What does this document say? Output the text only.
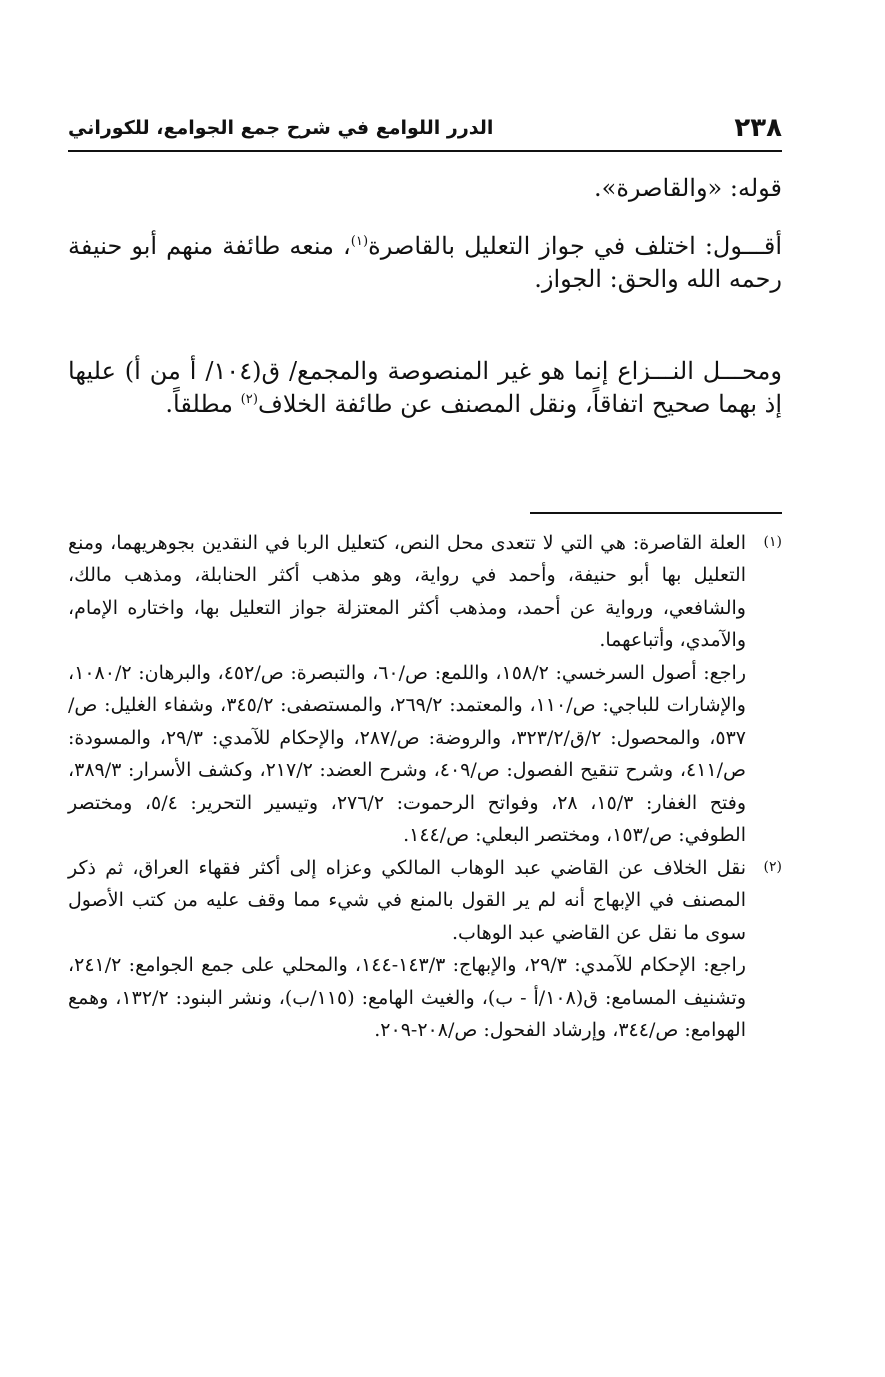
٢٣٨
الدرر اللوامع في شرح جمع الجوامع، للكوراني

قوله: «والقاصرة».

أقـــول: اختلف في جواز التعليل بالقاصرة$^{(١)}$، منعه طائفة منهم أبو حنيفة رحمه الله والحق: الجواز.

ومحـــل النـــزاع إنما هو غير المنصوصة والمجمع/ ق(١٠٤/ أ من أ) عليها إذ بهما صحيح اتفاقاً، ونقل المصنف عن طائفة الخلاف$^{(٢)}$ مطلقاً.

(١)

العلة القاصرة: هي التي لا تتعدى محل النص، كتعليل الربا في النقدين بجوهريهما، ومنع التعليل بها أبو حنيفة، وأحمد في رواية، وهو مذهب أكثر الحنابلة، ومذهب مالك، والشافعي، ورواية عن أحمد، ومذهب أكثر المعتزلة جواز التعليل بها، واختاره الإمام، والآمدي، وأتباعهما.

راجع: أصول السرخسي: ١٥٨/٢، واللمع: ص/٦٠، والتبصرة: ص/٤٥٢، والبرهان: ١٠٨٠/٢، والإشارات للباجي: ص/١١٠، والمعتمد: ٢٦٩/٢، والمستصفى: ٣٤٥/٢، وشفاء الغليل: ص/٥٣٧، والمحصول: ٢/ق/٣٢٣/٢، والروضة: ص/٢٨٧، والإحكام للآمدي: ٢٩/٣، والمسودة: ص/٤١١، وشرح تنقيح الفصول: ص/٤٠٩، وشرح العضد: ٢١٧/٢، وكشف الأسرار: ٣٨٩/٣، وفتح الغفار: ١٥/٣، ٢٨، وفواتح الرحموت: ٢٧٦/٢، وتيسير التحرير: ٥/٤، ومختصر الطوفي: ص/١٥٣، ومختصر البعلي: ص/١٤٤.

(٢)

نقل الخلاف عن القاضي عبد الوهاب المالكي وعزاه إلى أكثر فقهاء العراق، ثم ذكر المصنف في الإبهاج أنه لم ير القول بالمنع في شيء مما وقف عليه من كتب الأصول سوى ما نقل عن القاضي عبد الوهاب.

راجع: الإحكام للآمدي: ٢٩/٣، والإبهاج: ١٤٣/٣-١٤٤، والمحلي على جمع الجوامع: ٢٤١/٢، وتشنيف المسامع: ق(١٠٨/أ - ب)، والغيث الهامع: (١١٥/ب)، ونشر البنود: ١٣٢/٢، وهمع الهوامع: ص/٣٤٤، وإرشاد الفحول: ص/٢٠٨-٢٠٩.
